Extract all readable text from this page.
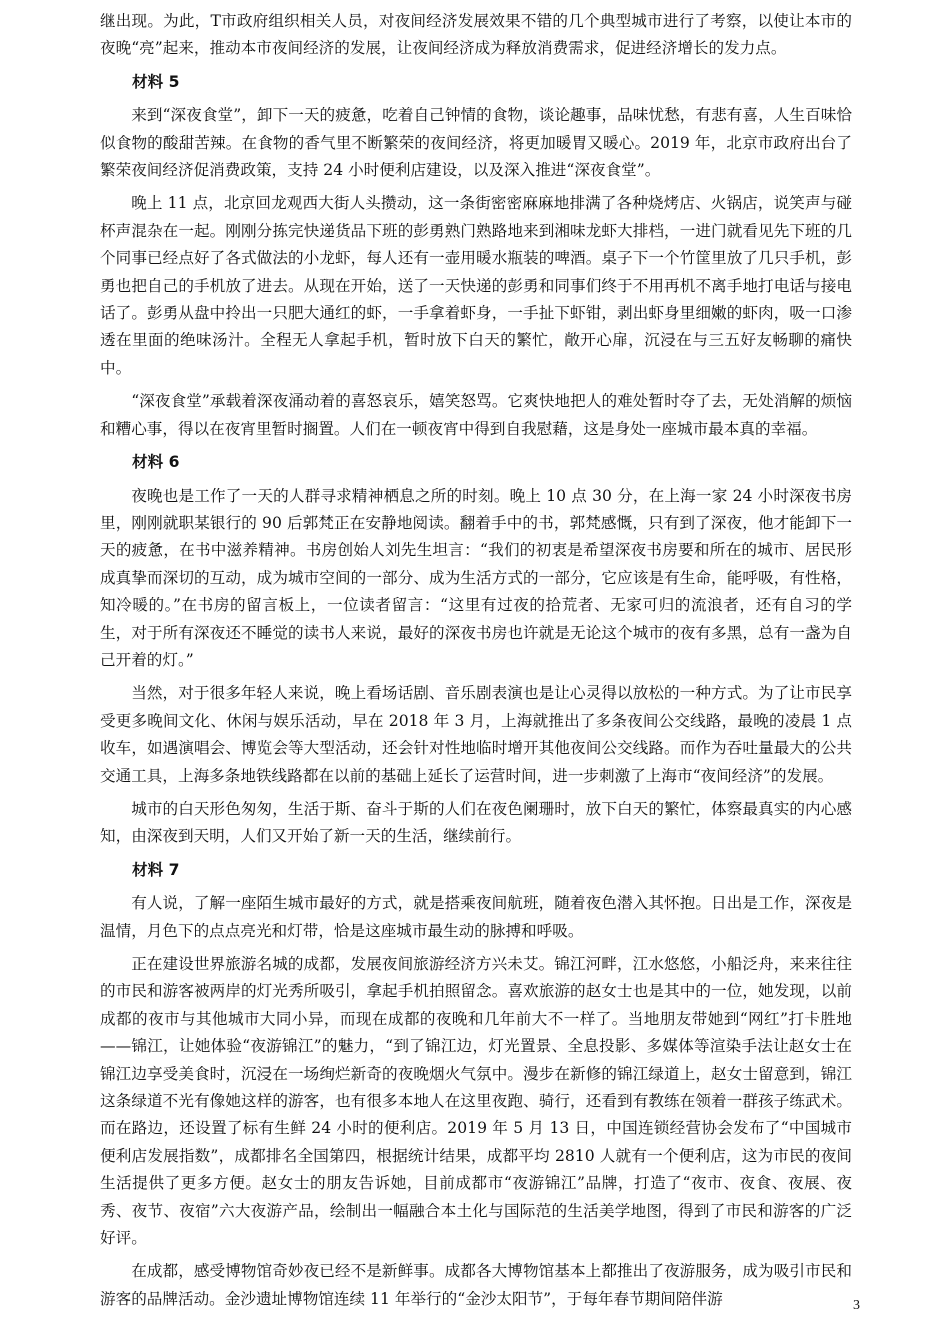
继出现。为此，T市政府组织相关人员，对夜间经济发展效果不错的几个典型城市进行了考察，以使让本市的夜晚“亮”起来，推动本市夜间经济的发展，让夜间经济成为释放消费需求，促进经济增长的发力点。

材料 5

来到“深夜食堂”，卸下一天的疲惫，吃着自己钟情的食物，谈论趣事，品味忧愁，有悲有喜，人生百味恰似食物的酸甜苦辣。在食物的香气里不断繁荣的夜间经济，将更加暖胃又暖心。2019 年，北京市政府出台了繁荣夜间经济促消费政策，支持 24 小时便利店建设，以及深入推进“深夜食堂”。

晚上 11 点，北京回龙观西大街人头攒动，这一条街密密麻麻地排满了各种烧烤店、火锅店，说笑声与碰杯声混杂在一起。刚刚分拣完快递货品下班的彭勇熟门熟路地来到湘味龙虾大排档，一进门就看见先下班的几个同事已经点好了各式做法的小龙虾，每人还有一壶用暖水瓶装的啤酒。桌子下一个竹筐里放了几只手机，彭勇也把自己的手机放了进去。从现在开始，送了一天快递的彭勇和同事们终于不用再机不离手地打电话与接电话了。彭勇从盘中拎出一只肥大通红的虾，一手拿着虾身，一手扯下虾钳，剥出虾身里细嫩的虾肉，吸一口渗透在里面的绝味汤汁。全程无人拿起手机，暂时放下白天的繁忙，敞开心扉，沉浸在与三五好友畅聊的痛快中。

“深夜食堂”承载着深夜涌动着的喜怒哀乐，嬉笑怒骂。它爽快地把人的难处暂时夺了去，无处消解的烦恼和糟心事，得以在夜宵里暂时搁置。人们在一顿夜宵中得到自我慰藉，这是身处一座城市最本真的幸福。

材料 6

夜晚也是工作了一天的人群寻求精神栖息之所的时刻。晚上 10 点 30 分，在上海一家 24 小时深夜书房里，刚刚就职某银行的 90 后郭梵正在安静地阅读。翻着手中的书，郭梵感慨，只有到了深夜，他才能卸下一天的疲惫，在书中滋养精神。书房创始人刘先生坦言：“我们的初衷是希望深夜书房要和所在的城市、居民形成真挚而深切的互动，成为城市空间的一部分、成为生活方式的一部分，它应该是有生命，能呼吸，有性格，知冷暖的。”在书房的留言板上，一位读者留言：“这里有过夜的拾荒者、无家可归的流浪者，还有自习的学生，对于所有深夜还不睡觉的读书人来说，最好的深夜书房也许就是无论这个城市的夜有多黑，总有一盏为自己开着的灯。”

当然，对于很多年轻人来说，晚上看场话剧、音乐剧表演也是让心灵得以放松的一种方式。为了让市民享受更多晚间文化、休闲与娱乐活动，早在 2018 年 3 月，上海就推出了多条夜间公交线路，最晚的凌晨 1 点收车，如遇演唱会、博览会等大型活动，还会针对性地临时增开其他夜间公交线路。而作为吞吐量最大的公共交通工具，上海多条地铁线路都在以前的基础上延长了运营时间，进一步刺激了上海市“夜间经济”的发展。

城市的白天形色匆匆，生活于斯、奋斗于斯的人们在夜色阑珊时，放下白天的繁忙，体察最真实的内心感知，由深夜到天明，人们又开始了新一天的生活，继续前行。

材料 7

有人说，了解一座陌生城市最好的方式，就是搭乘夜间航班，随着夜色潜入其怀抱。日出是工作，深夜是温情，月色下的点点亮光和灯带，恰是这座城市最生动的脉搏和呼吸。

正在建设世界旅游名城的成都，发展夜间旅游经济方兴未艾。锦江河畔，江水悠悠，小船泛舟，来来往往的市民和游客被两岸的灯光秀所吸引，拿起手机拍照留念。喜欢旅游的赵女士也是其中的一位，她发现，以前成都的夜市与其他城市大同小异，而现在成都的夜晚和几年前大不一样了。当地朋友带她到“网红”打卡胜地——锦江，让她体验“夜游锦江”的魅力，“到了锦江边，灯光置景、全息投影、多媒体等渲染手法让赵女士在锦江边享受美食时，沉浸在一场绚烂新奇的夜晚烟火气氛中。漫步在新修的锦江绿道上，赵女士留意到，锦江这条绿道不光有像她这样的游客，也有很多本地人在这里夜跑、骑行，还看到有教练在领着一群孩子练武术。而在路边，还设置了标有生鲜 24 小时的便利店。2019 年 5 月 13 日，中国连锁经营协会发布了“中国城市便利店发展指数”，成都排名全国第四，根据统计结果，成都平均 2810 人就有一个便利店，这为市民的夜间生活提供了更多方便。赵女士的朋友告诉她，目前成都市“夜游锦江”品牌，打造了“夜市、夜食、夜展、夜秀、夜节、夜宿”六大夜游产品，绘制出一幅融合本土化与国际范的生活美学地图，得到了市民和游客的广泛好评。

在成都，感受博物馆奇妙夜已经不是新鲜事。成都各大博物馆基本上都推出了夜游服务，成为吸引市民和游客的品牌活动。金沙遗址博物馆连续 11 年举行的“金沙太阳节”，于每年春节期间陪伴游	3
